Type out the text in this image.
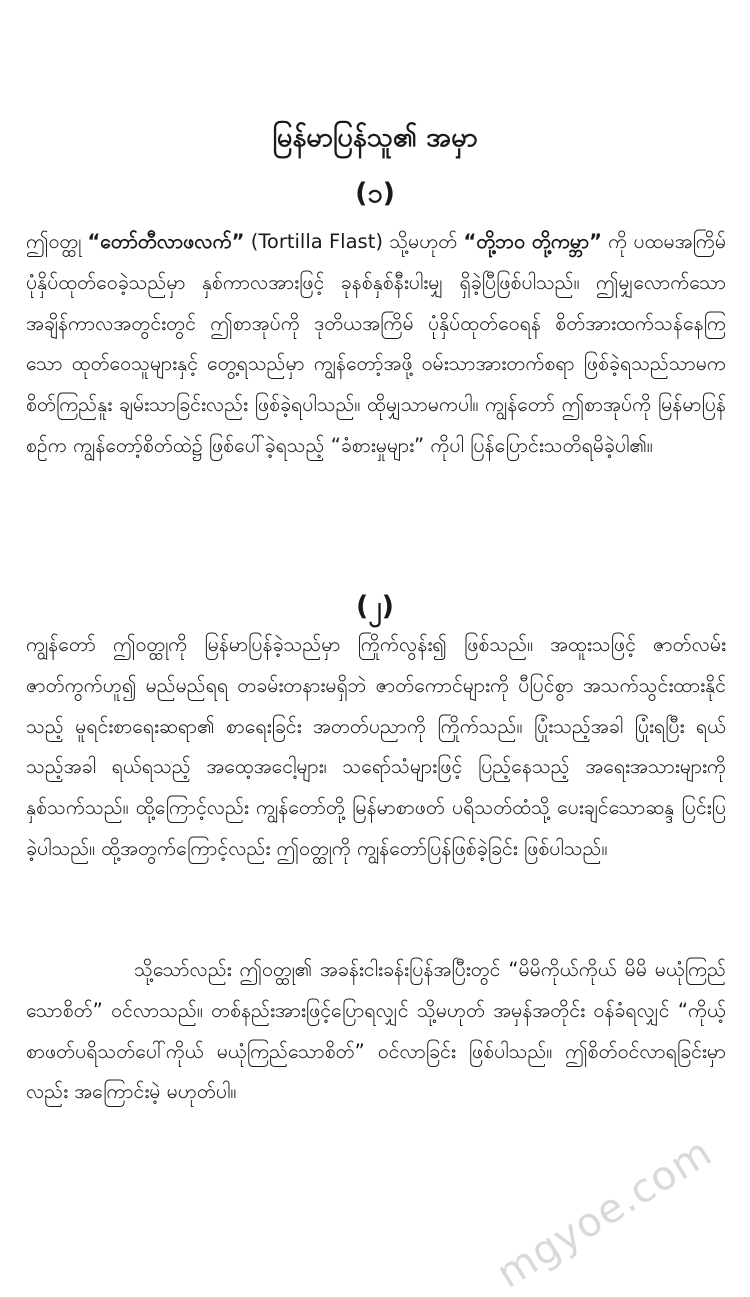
မြန်မာပြန်သူ၏ အမှာ
(၁)

ဤဝတ္ထု “တော်တီလာဖလက်” (Tortilla Flast) သို့မဟုတ် “တို့ဘဝ တို့ကမ္ဘာ” ကို ပထမအကြိမ် ပုံနှိပ်ထုတ်ဝေခဲ့သည်မှာ နှစ်ကာလအားဖြင့် ခုနစ်နှစ်နီးပါးမျှ ရှိခဲ့ပြီဖြစ်ပါသည်။ ဤမျှလောက်သော အချိန်ကာလအတွင်းတွင် ဤစာအုပ်ကို ဒုတိယအကြိမ် ပုံနှိပ်ထုတ်ဝေရန် စိတ်အားထက်သန်နေကြသော ထုတ်ဝေသူများနှင့် တွေ့ရသည်မှာ ကျွန်တော့်အဖို့ ဝမ်းသာအားတက်စရာ ဖြစ်ခဲ့ရသည်သာမက စိတ်ကြည်နူး ချမ်းသာခြင်းလည်း ဖြစ်ခဲ့ရပါသည်။ ထိုမျှသာမကပါ။ ကျွန်တော် ဤစာအုပ်ကို မြန်မာပြန်စဉ်က ကျွန်တော့်စိတ်ထဲ၌ ဖြစ်ပေါ်ခဲ့ရသည့် “ခံစားမှုများ” ကိုပါ ပြန်ပြောင်းသတိရမိခဲ့ပါ၏။

(၂)

ကျွန်တော် ဤဝတ္ထုကို မြန်မာပြန်ခဲ့သည်မှာ ကြိုက်လွန်း၍ ဖြစ်သည်။ အထူးသဖြင့် ဇာတ်လမ်းဇာတ်ကွက်ဟူ၍ မည်မည်ရရ တခမ်းတနားမရှိဘဲ ဇာတ်ကောင်များကို ပီပြင်စွာ အသက်သွင်းထားနိုင်သည့် မူရင်းစာရေးဆရာ၏ စာရေးခြင်း အတတ်ပညာကို ကြိုက်သည်။ ပြုံးသည့်အခါ ပြုံးရပြီး ရယ်သည့်အခါ ရယ်ရသည့် အထေ့အငေါ့များ၊ သရော်သံများဖြင့် ပြည့်နေသည့် အရေးအသားများကို နှစ်သက်သည်။ ထို့ကြောင့်လည်း ကျွန်တော်တို့ မြန်မာစာဖတ် ပရိသတ်ထံသို့ ပေးချင်သောဆန္ဒ ပြင်းပြခဲ့ပါသည်။ ထို့အတွက်ကြောင့်လည်း ဤဝတ္ထုကို ကျွန်တော်ပြန်ဖြစ်ခဲ့ခြင်း ဖြစ်ပါသည်။

သို့သော်လည်း ဤဝတ္ထု၏ အခန်းငါးခန်းပြန်အပြီးတွင် “မိမိကိုယ်ကိုယ် မိမိ မယုံကြည်သောစိတ်” ဝင်လာသည်။ တစ်နည်းအားဖြင့်ပြောရလျှင် သို့မဟုတ် အမှန်အတိုင်း ဝန်ခံရလျှင် “ကိုယ့်စာဖတ်ပရိသတ်ပေါ်ကိုယ် မယုံကြည်သောစိတ်” ဝင်လာခြင်း ဖြစ်ပါသည်။ ဤစိတ်ဝင်လာရခြင်းမှာလည်း အကြောင်းမဲ့ မဟုတ်ပါ။

mgyoe.com
